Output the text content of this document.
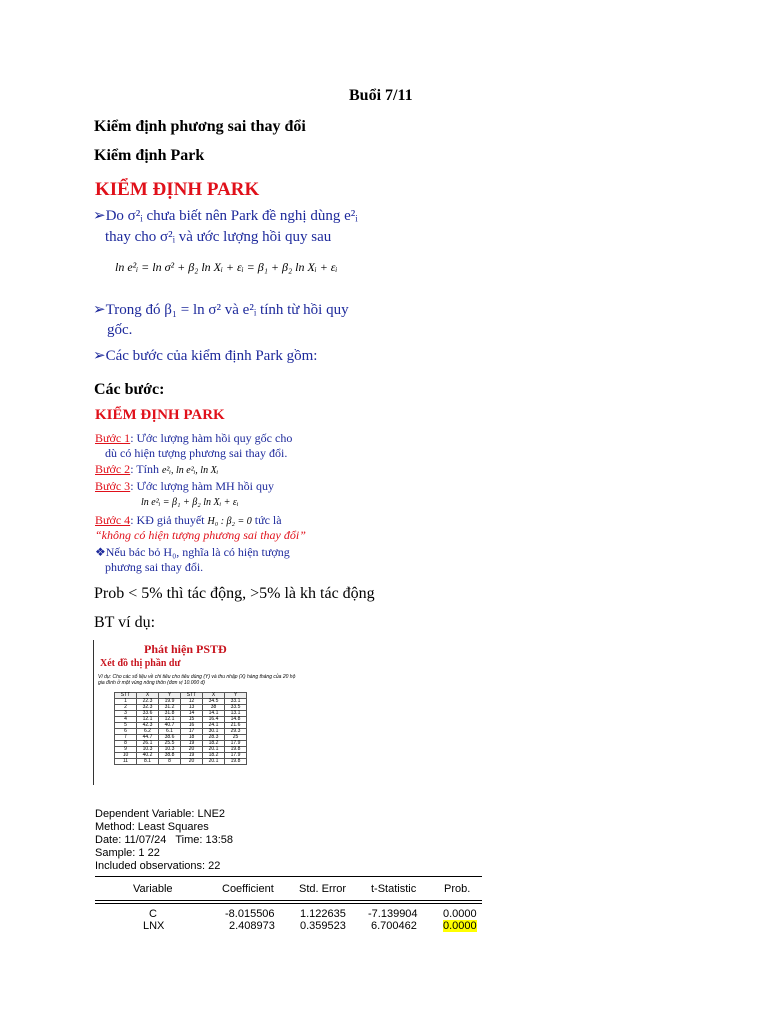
Buổi 7/11
Kiểm định phương sai thay đổi
Kiểm định Park
KIỂM ĐỊNH PARK
➢Do σ²ᵢ chưa biết nên Park đề nghị dùng e²ᵢ
thay cho σ²ᵢ và ước lượng hồi quy sau
ln e²ᵢ = ln σ² + β₂ ln Xᵢ + εᵢ = β₁ + β₂ ln Xᵢ + εᵢ
➢Trong đó β₁ = ln σ² và e²ᵢ tính từ hồi quy
gốc.
➢Các bước của kiểm định Park gồm:
Các bước:
KIỂM ĐỊNH PARK
Bước 1: Ước lượng hàm hồi quy gốc cho
dù có hiện tượng phương sai thay đổi.
Bước 2: Tính e²ᵢ, ln e²ᵢ, ln Xᵢ
Bước 3: Ước lượng hàm MH hồi quy
ln e²ᵢ = β₁ + β₂ ln Xᵢ + εᵢ
Bước 4: KĐ giả thuyết H₀ : β₂ = 0 tức là
“không có hiện tượng phương sai thay đổi”
❖Nếu bác bỏ H₀, nghĩa là có hiện tượng
phương sai thay đổi.
Prob < 5% thì tác động, >5% là kh tác động
BT ví dụ:
Phát hiện PSTĐ
Xét đồ thị phần dư
Ví dụ: Cho các số liệu về chi tiêu cho tiêu dùng (Y) và thu nhập (X) hàng tháng của 20 hộ gia đình ở một vùng nông thôn (đơn vị 10.000 đ)
STT	X	Y	STT	X	Y
1	22.3	19.9	12	34.5	33.1
2	32.3	31.2	13	38	33.5
3	33.6	31.8	14	14.1	13.1
4	12.1	12.1	15	16.4	14.8
5	42.3	40.7	16	24.1	21.6
6	6.2	6.1	17	30.1	29.3
7	44.7	38.6	18	28.3	25
8	26.1	25.5	19	18.2	17.9
9	10.3	10.3	20	20.1	19.8
10	40.2	38.8	19	18.2	17.9
11	8.1	8	20	20.1	19.8
Dependent Variable: LNE2
Method: Least Squares
Date: 11/07/24   Time: 13:58
Sample: 1 22
Included observations: 22
Variable	Coefficient Std. Error t-Statistic	Prob.
C	-8.015506 1.122635 -7.139904 0.0000
LNX	2.408973 0.359523 6.700462 0.0000
